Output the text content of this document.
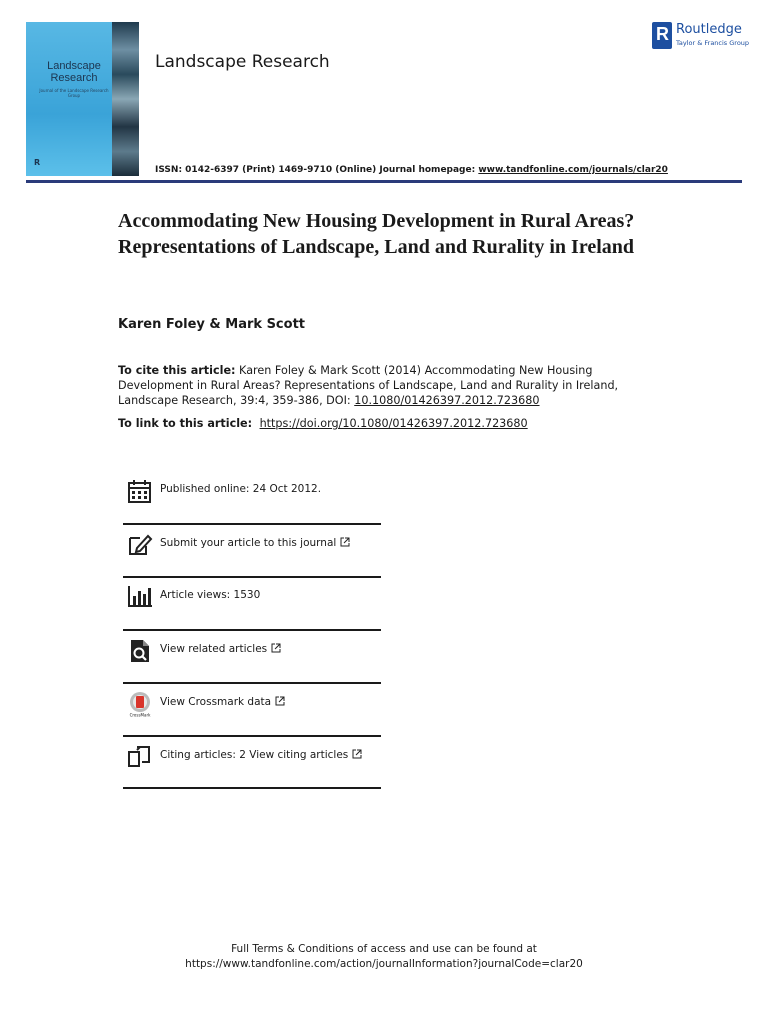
Landscape Research
Journal of the Landscape Research Group
R
Landscape Research
R Routledge
Taylor & Francis Group
ISSN: 0142-6397 (Print) 1469-9710 (Online) Journal homepage: www.tandfonline.com/journals/clar20
Accommodating New Housing Development in Rural Areas? Representations of Landscape, Land and Rurality in Ireland
Karen Foley & Mark Scott
To cite this article: Karen Foley & Mark Scott (2014) Accommodating New Housing Development in Rural Areas? Representations of Landscape, Land and Rurality in Ireland, Landscape Research, 39:4, 359-386, DOI: 10.1080/01426397.2012.723680
To link to this article:  https://doi.org/10.1080/01426397.2012.723680
Published online: 24 Oct 2012.
Submit your article to this journal
Article views: 1530
View related articles
CrossMark
View Crossmark data
Citing articles: 2 View citing articles
Full Terms & Conditions of access and use can be found at
https://www.tandfonline.com/action/journalInformation?journalCode=clar20
